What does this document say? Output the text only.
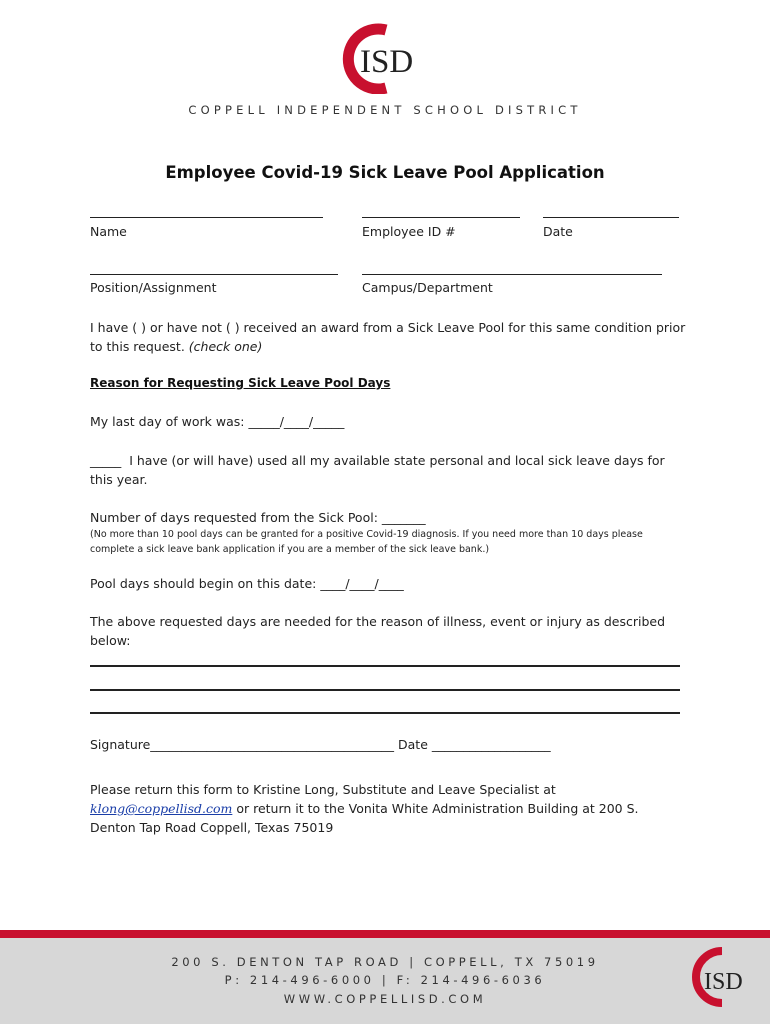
ISD
COPPELL INDEPENDENT SCHOOL DISTRICT
Employee Covid-19 Sick Leave Pool Application
Name	Employee ID #	Date
Position/Assignment	Campus/Department
I have ( ) or have not ( ) received an award from a Sick Leave Pool for this same condition prior to this request. (check one)
Reason for Requesting Sick Leave Pool Days
My last day of work was: _____/____/_____
_____ I have (or will have) used all my available state personal and local sick leave days for this year.
Number of days requested from the Sick Pool: _______
(No more than 10 pool days can be granted for a positive Covid-19 diagnosis. If you need more than 10 days please complete a sick leave bank application if you are a member of the sick leave bank.)
Pool days should begin on this date: ____/____/____
The above requested days are needed for the reason of illness, event or injury as described below:
Signature_______________________________________ Date ___________________
Please return this form to Kristine Long, Substitute and Leave Specialist at
klong@coppellisd.com or return it to the Vonita White Administration Building at 200 S. Denton Tap Road Coppell, Texas 75019
200 S. DENTON TAP ROAD | COPPELL, TX 75019
P: 214-496-6000 | F: 214-496-6036
WWW.COPPELLISD.COM
ISD
